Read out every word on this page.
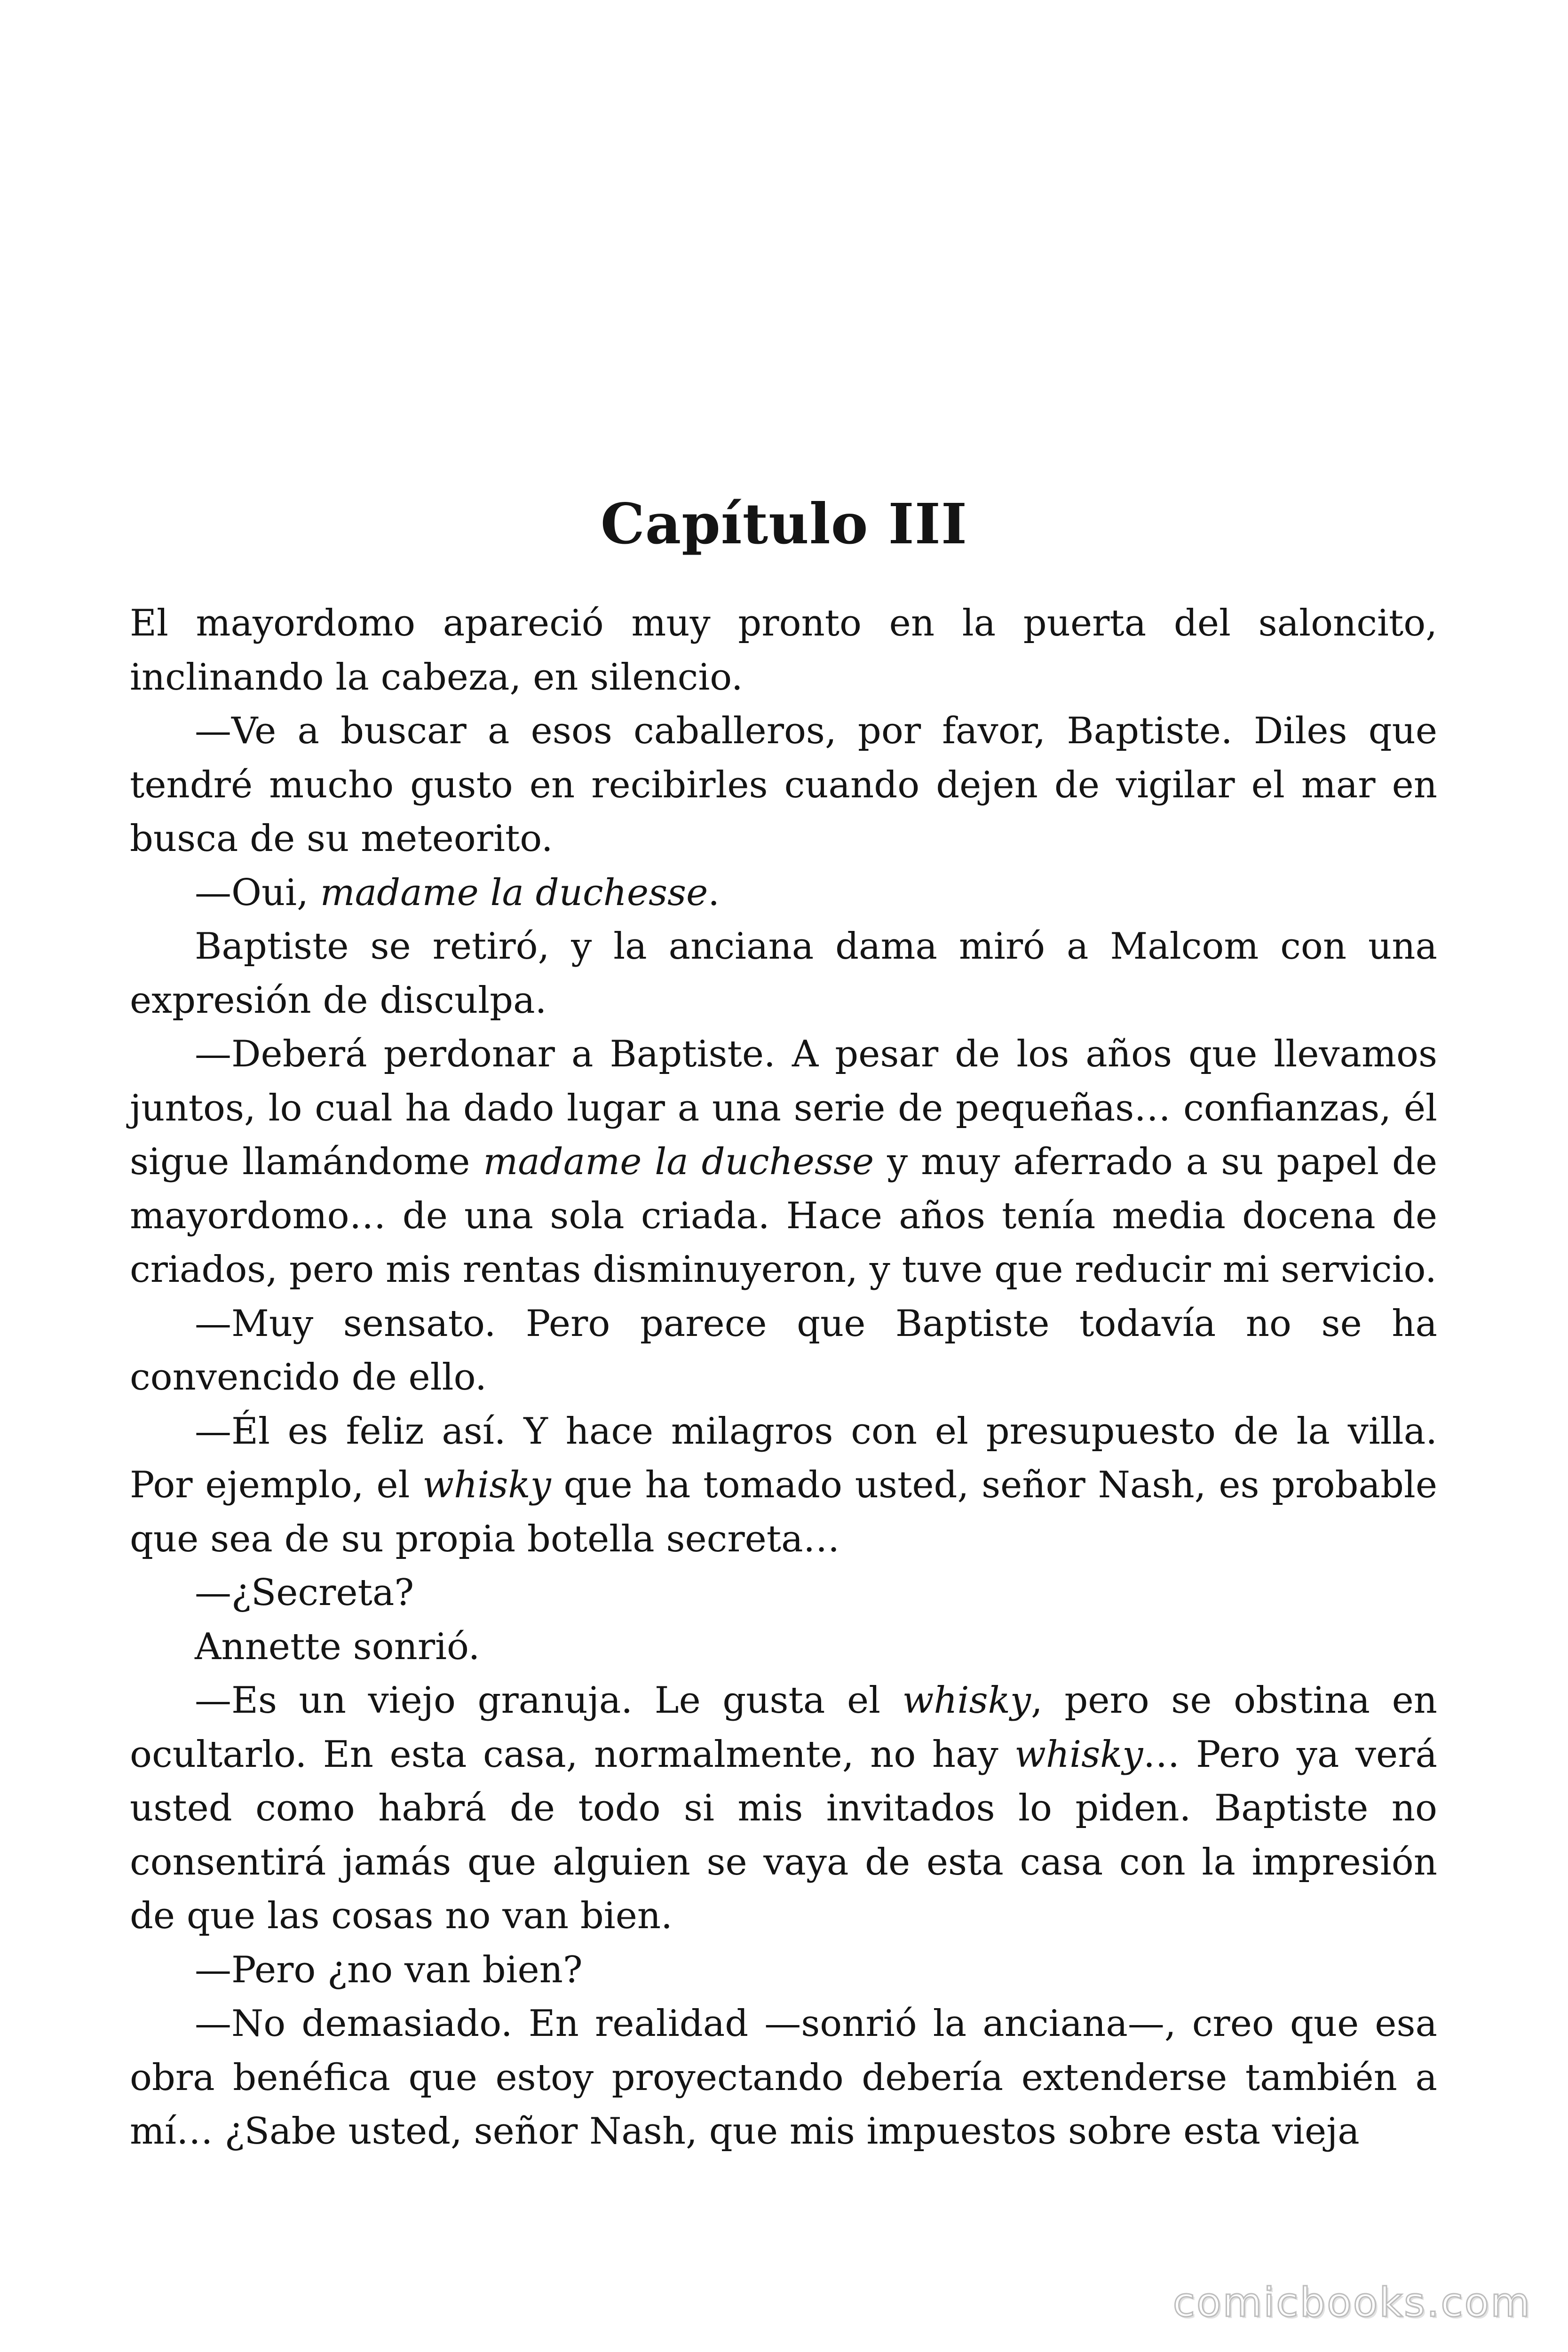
Capítulo III

El mayordomo apareció muy pronto en la puerta del saloncito, inclinando la cabeza, en silencio.

—Ve a buscar a esos caballeros, por favor, Baptiste. Diles que tendré mucho gusto en recibirles cuando dejen de vigilar el mar en busca de su meteorito.

—Oui, madame la duchesse.

Baptiste se retiró, y la anciana dama miró a Malcom con una expresión de disculpa.

—Deberá perdonar a Baptiste. A pesar de los años que llevamos juntos, lo cual ha dado lugar a una serie de pequeñas… confianzas, él sigue llamándome madame la duchesse y muy aferrado a su papel de mayordomo… de una sola criada. Hace años tenía media docena de criados, pero mis rentas disminuyeron, y tuve que reducir mi servicio.

—Muy sensato. Pero parece que Baptiste todavía no se ha convencido de ello.

—Él es feliz así. Y hace milagros con el presupuesto de la villa. Por ejemplo, el whisky que ha tomado usted, señor Nash, es probable que sea de su propia botella secreta…

—¿Secreta?

Annette sonrió.

—Es un viejo granuja. Le gusta el whisky, pero se obstina en ocultarlo. En esta casa, normalmente, no hay whisky… Pero ya verá usted como habrá de todo si mis invitados lo piden. Baptiste no consentirá jamás que alguien se vaya de esta casa con la impresión de que las cosas no van bien.

—Pero ¿no van bien?

—No demasiado. En realidad —sonrió la anciana—, creo que esa obra benéfica que estoy proyectando debería extenderse también a mí… ¿Sabe usted, señor Nash, que mis impuestos sobre esta vieja

comicbooks.com
